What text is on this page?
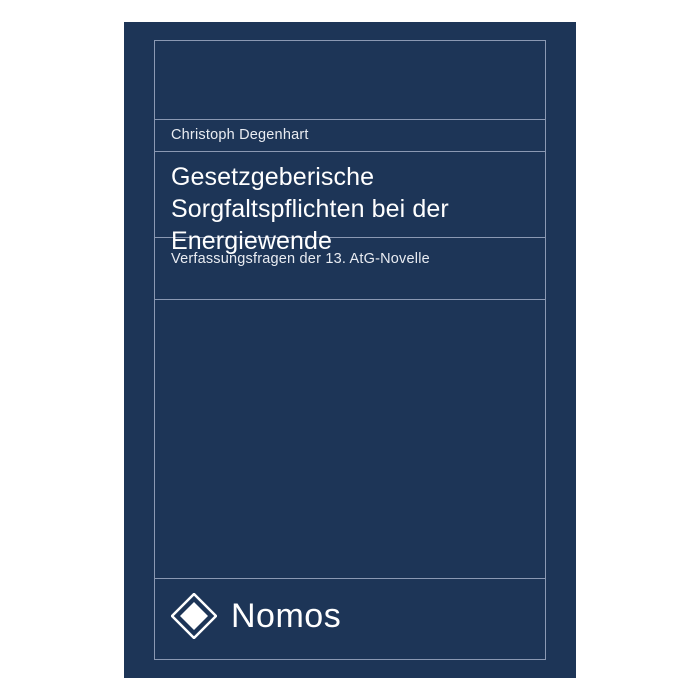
Christoph Degenhart
Gesetzgeberische Sorgfaltspflichten bei der Energiewende
Verfassungsfragen der 13. AtG-Novelle
Nomos
